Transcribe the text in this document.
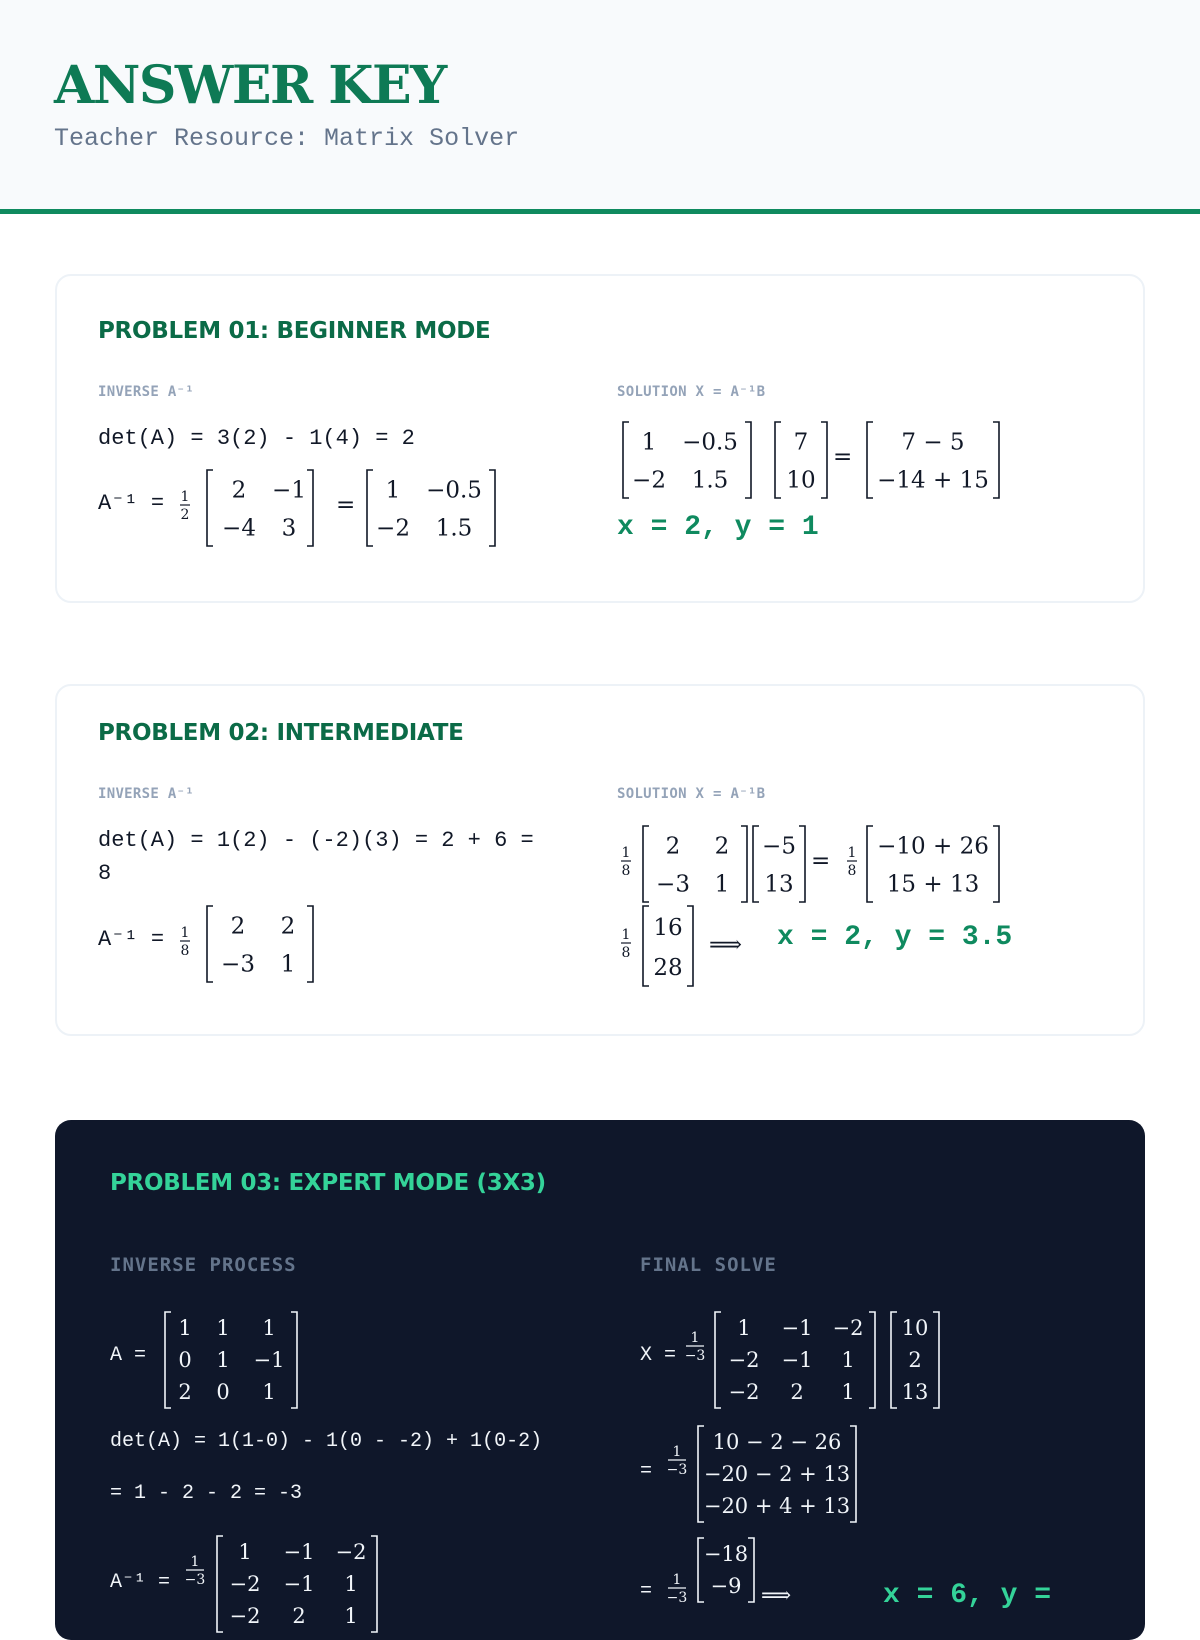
ANSWER KEY
Teacher Resource: Matrix Solver
PROBLEM 01: BEGINNER MODE
INVERSE A⁻¹	SOLUTION X = A⁻¹B
det(A) = 3(2) - 1(4) = 2
A⁻¹ = 1
2
2 −1
−4 3
=
1 −0.5
−2 1.5
1 −0.5
−2 1.5
7
10
=
7 − 5
−14 + 15
x = 2, y = 1
PROBLEM 02: INTERMEDIATE
INVERSE A⁻¹	SOLUTION X = A⁻¹B
det(A) = 1(2) - (-2)(3) = 2 + 6 =
8
A⁻¹ = 1
8
2 2
−3 1
1
8
2 2
−3 1
−5
13
= 1
8
−10 + 26
15 + 13
1
8
16
28
⟹ x = 2, y = 3.5
PROBLEM 03: EXPERT MODE (3X3)
INVERSE PROCESS	FINAL SOLVE
A =
1 1 1
0 1 −1
2 0 1
det(A) = 1(1-0) - 1(0 - -2) + 1(0-2)
= 1 - 2 - 2 = -3
A⁻¹ =
1
−3
1 −1 −2
−2 −1 1
−2 2 1
X =
1
−3
1 −1 −2
−2 −1 1
−2 2 1
10
2
13
=
1
−3
10 − 2 − 26
−20 − 2 + 13
−20 + 4 + 13
= 1
−3
−18
−9 ⟹	x = 6, y =
